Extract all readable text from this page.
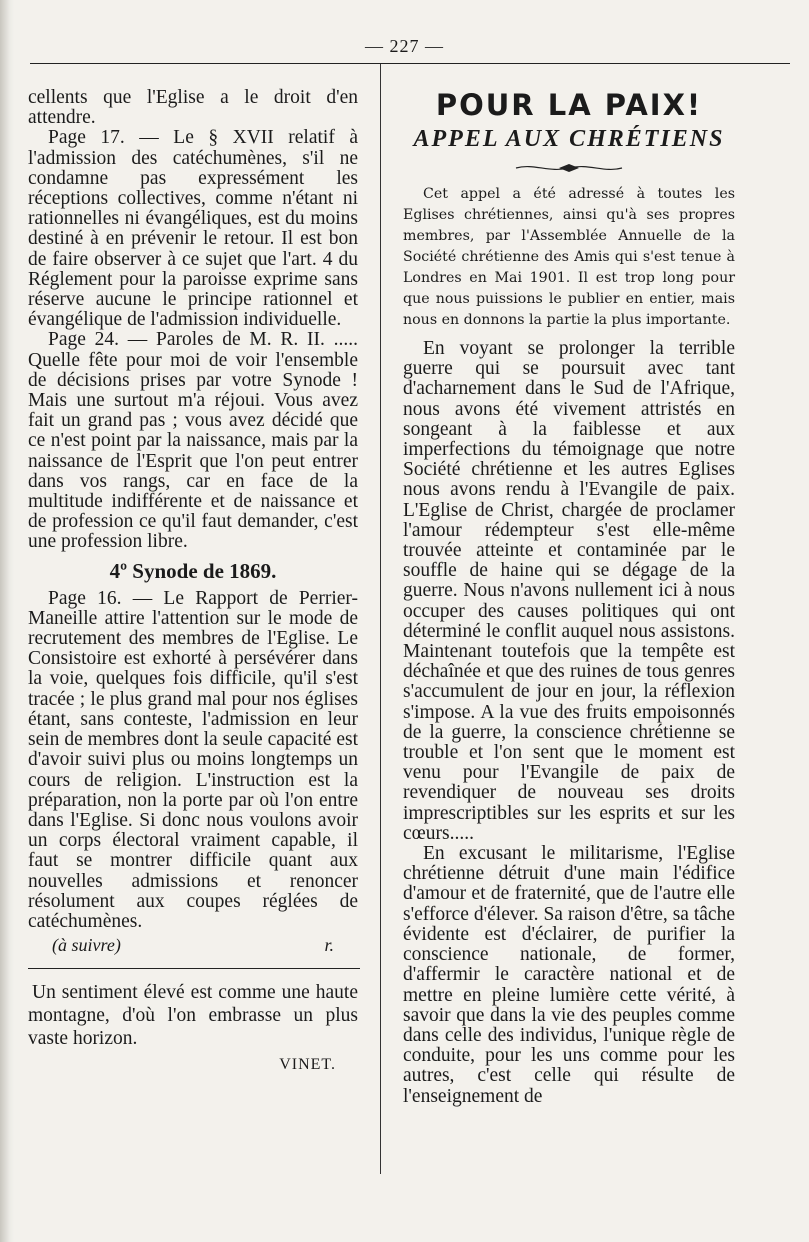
— 227 —

cellents que l'Eglise a le droit d'en attendre.

Page 17. — Le § XVII relatif à l'admission des catéchumènes, s'il ne condamne pas expressément les réceptions collectives, comme n'étant ni rationnelles ni évangéliques, est du moins destiné à en prévenir le retour. Il est bon de faire observer à ce sujet que l'art. 4 du Réglement pour la paroisse exprime sans réserve aucune le principe rationnel et évangélique de l'admission individuelle.

Page 24. — Paroles de M. R. II. ..... Quelle fête pour moi de voir l'ensemble de décisions prises par votre Synode ! Mais une surtout m'a réjoui. Vous avez fait un grand pas ; vous avez décidé que ce n'est point par la naissance, mais par la naissance de l'Esprit que l'on peut entrer dans vos rangs, car en face de la multitude indifférente et de naissance et de profession ce qu'il faut demander, c'est une profession libre.

4º Synode de 1869.

Page 16. — Le Rapport de Perrier-Maneille attire l'attention sur le mode de recrutement des membres de l'Eglise. Le Consistoire est exhorté à persévérer dans la voie, quelques fois difficile, qu'il s'est tracée ; le plus grand mal pour nos églises étant, sans conteste, l'admission en leur sein de membres dont la seule capacité est d'avoir suivi plus ou moins longtemps un cours de religion. L'instruction est la préparation, non la porte par où l'on entre dans l'Eglise. Si donc nous voulons avoir un corps électoral vraiment capable, il faut se montrer difficile quant aux nouvelles admissions et renoncer résolument aux coupes réglées de catéchumènes.

(à suivre)	r.

Un sentiment élevé est comme une haute montagne, d'où l'on embrasse un plus vaste horizon.

VINET.
POUR LA PAIX!
APPEL AUX CHRÉTIENS

Cet appel a été adressé à toutes les Eglises chrétiennes, ainsi qu'à ses propres membres, par l'Assemblée Annuelle de la Société chrétienne des Amis qui s'est tenue à Londres en Mai 1901. Il est trop long pour que nous puissions le publier en entier, mais nous en donnons la partie la plus importante.

En voyant se prolonger la terrible guerre qui se poursuit avec tant d'acharnement dans le Sud de l'Afrique, nous avons été vivement attristés en songeant à la faiblesse et aux imperfections du témoignage que notre Société chrétienne et les autres Eglises nous avons rendu à l'Evangile de paix. L'Eglise de Christ, chargée de proclamer l'amour rédempteur s'est elle-même trouvée atteinte et contaminée par le souffle de haine qui se dégage de la guerre. Nous n'avons nullement ici à nous occuper des causes politiques qui ont déterminé le conflit auquel nous assistons. Maintenant toutefois que la tempête est déchaînée et que des ruines de tous genres s'accumulent de jour en jour, la réflexion s'impose. A la vue des fruits empoisonnés de la guerre, la conscience chrétienne se trouble et l'on sent que le moment est venu pour l'Evangile de paix de revendiquer de nouveau ses droits imprescriptibles sur les esprits et sur les cœurs.....

En excusant le militarisme, l'Eglise chrétienne détruit d'une main l'édifice d'amour et de fraternité, que de l'autre elle s'efforce d'élever. Sa raison d'être, sa tâche évidente est d'éclairer, de purifier la conscience nationale, de former, d'affermir le caractère national et de mettre en pleine lumière cette vérité, à savoir que dans la vie des peuples comme dans celle des individus, l'unique règle de conduite, pour les uns comme pour les autres, c'est celle qui résulte de l'enseignement de
